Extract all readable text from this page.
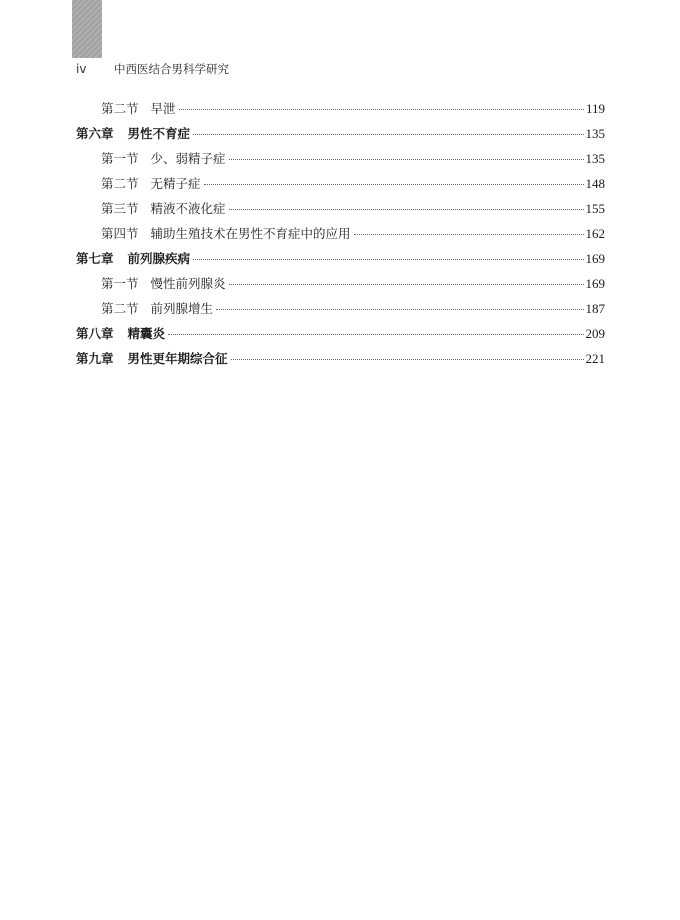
iv	中西医结合男科学研究
第二节 早泄	119
第六章 男性不育症	135
第一节 少、弱精子症	135
第二节 无精子症	148
第三节 精液不液化症	155
第四节 辅助生殖技术在男性不育症中的应用	162
第七章 前列腺疾病	169
第一节 慢性前列腺炎	169
第二节 前列腺增生	187
第八章 精囊炎	209
第九章 男性更年期综合征	221
